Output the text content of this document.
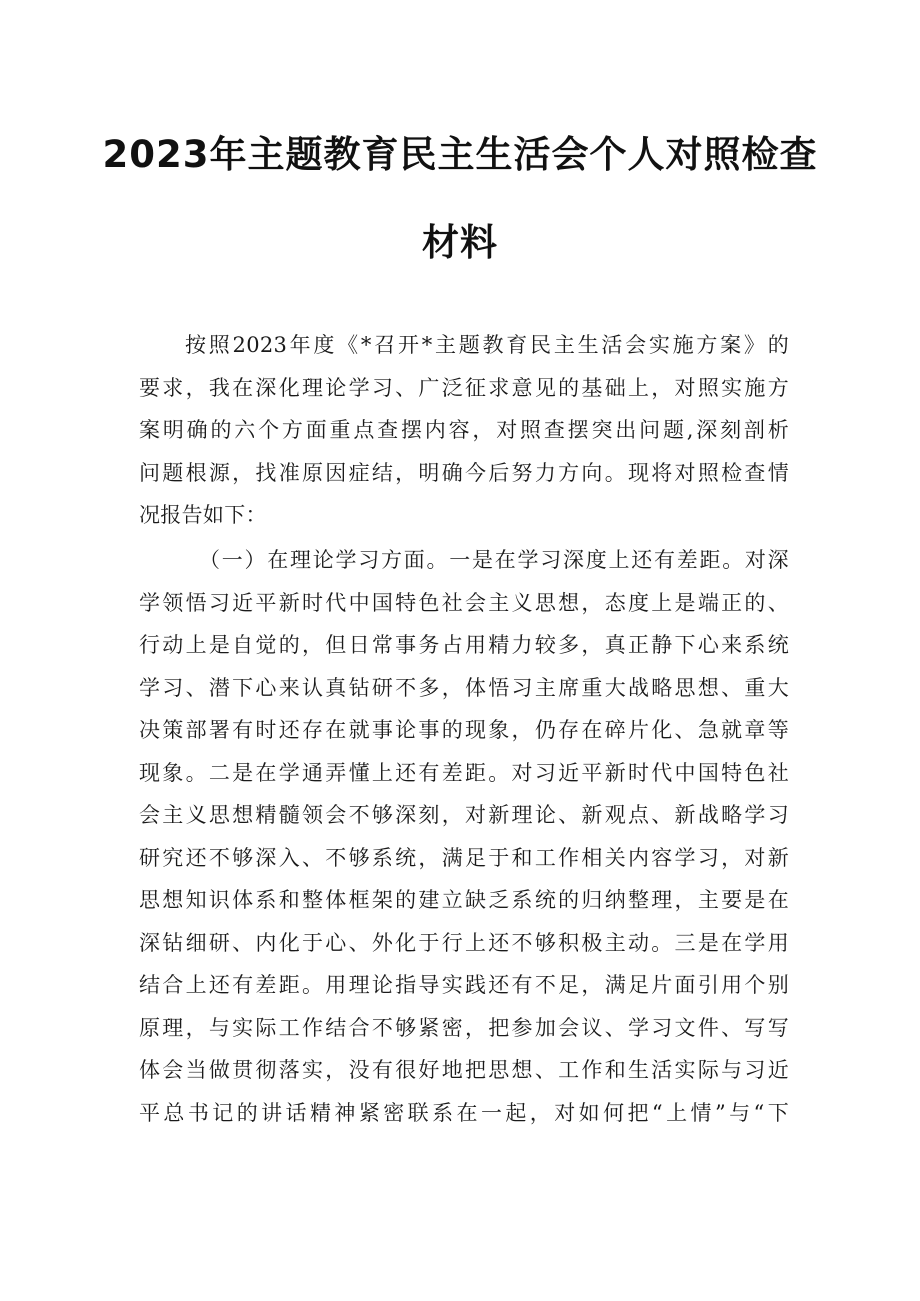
2023年主题教育民主生活会个人对照检查
材料
按照2023年度《*召开*主题教育民主生活会实施方案》的
要求，我在深化理论学习、广泛征求意见的基础上，对照实施方
案明确的六个方面重点查摆内容，对照查摆突出问题,深刻剖析
问题根源，找准原因症结，明确今后努力方向。现将对照检查情
况报告如下：
（一）在理论学习方面。一是在学习深度上还有差距。对深
学领悟习近平新时代中国特色社会主义思想，态度上是端正的、
行动上是自觉的，但日常事务占用精力较多，真正静下心来系统
学习、潜下心来认真钻研不多，体悟习主席重大战略思想、重大
决策部署有时还存在就事论事的现象，仍存在碎片化、急就章等
现象。二是在学通弄懂上还有差距。对习近平新时代中国特色社
会主义思想精髓领会不够深刻，对新理论、新观点、新战略学习
研究还不够深入、不够系统，满足于和工作相关内容学习，对新
思想知识体系和整体框架的建立缺乏系统的归纳整理，主要是在
深钻细研、内化于心、外化于行上还不够积极主动。三是在学用
结合上还有差距。用理论指导实践还有不足，满足片面引用个别
原理，与实际工作结合不够紧密，把参加会议、学习文件、写写
体会当做贯彻落实，没有很好地把思想、工作和生活实际与习近
平总书记的讲话精神紧密联系在一起，对如何把“上情”与“下
